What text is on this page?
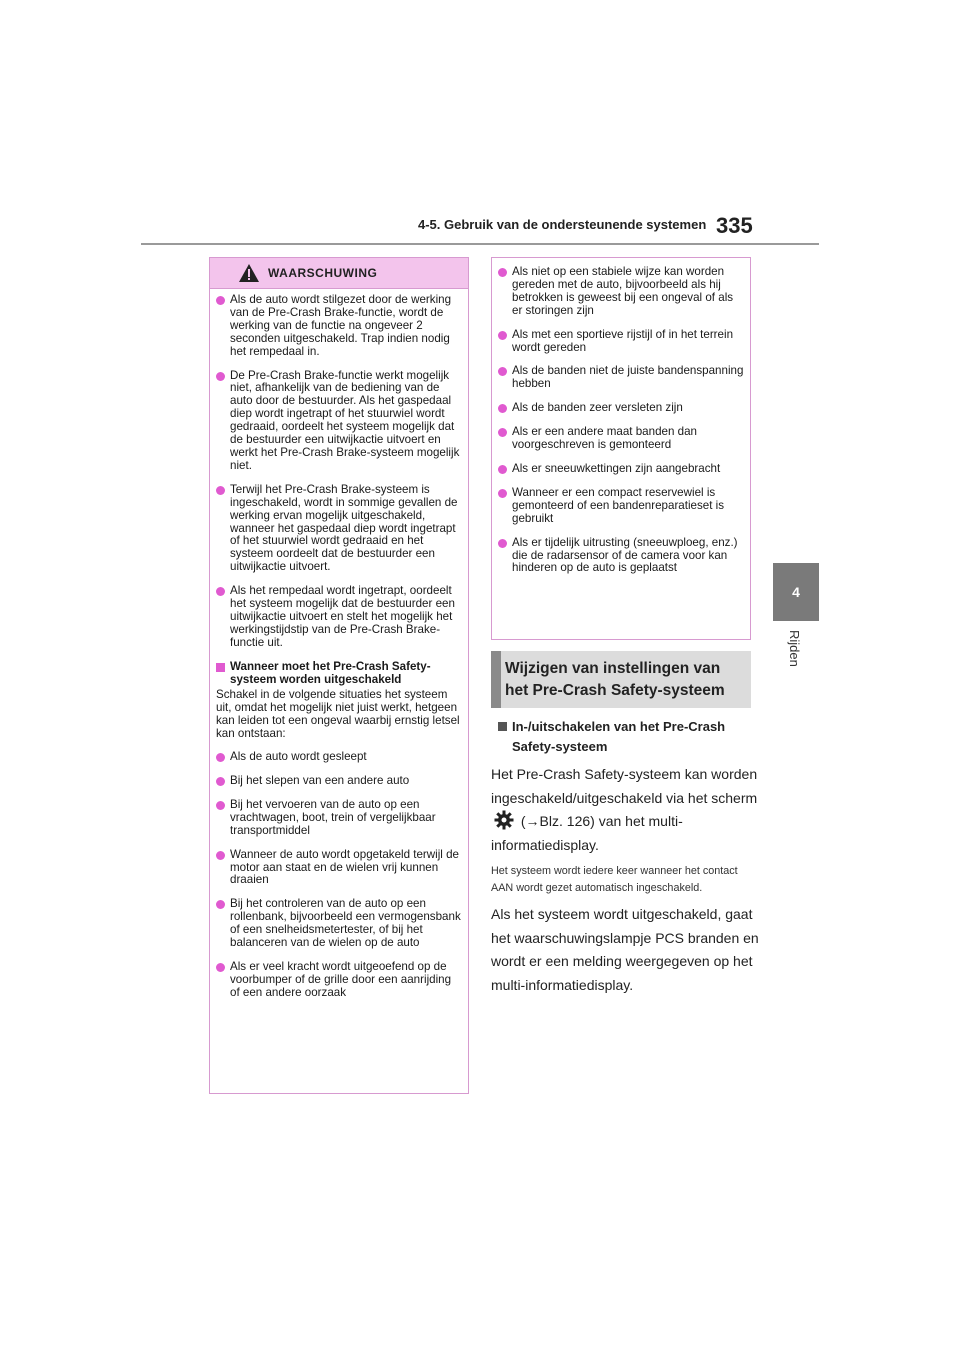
4-5. Gebruik van de ondersteunende systemen 335
4
Rijden
WAARSCHUWING
Als de auto wordt stilgezet door de werking van de Pre-Crash Brake-functie, wordt de werking van de functie na ongeveer 2 seconden uitgeschakeld. Trap indien nodig het rempedaal in.
De Pre-Crash Brake-functie werkt mogelijk niet, afhankelijk van de bediening van de auto door de bestuurder. Als het gaspedaal diep wordt ingetrapt of het stuurwiel wordt gedraaid, oordeelt het systeem mogelijk dat de bestuurder een uitwijkactie uitvoert en werkt het Pre-Crash Brake-systeem mogelijk niet.
Terwijl het Pre-Crash Brake-systeem is ingeschakeld, wordt in sommige gevallen de werking ervan mogelijk uitgeschakeld, wanneer het gaspedaal diep wordt ingetrapt of het stuurwiel wordt gedraaid en het systeem oordeelt dat de bestuurder een uitwijkactie uitvoert.
Als het rempedaal wordt ingetrapt, oordeelt het systeem mogelijk dat de bestuurder een uitwijkactie uitvoert en stelt het mogelijk het werkingstijdstip van de Pre-Crash Brake-functie uit.
Wanneer moet het Pre-Crash Safety-systeem worden uitgeschakeld
Schakel in de volgende situaties het systeem uit, omdat het mogelijk niet juist werkt, hetgeen kan leiden tot een ongeval waarbij ernstig letsel kan ontstaan:
Als de auto wordt gesleept
Bij het slepen van een andere auto
Bij het vervoeren van de auto op een vrachtwagen, boot, trein of vergelijkbaar transportmiddel
Wanneer de auto wordt opgetakeld terwijl de motor aan staat en de wielen vrij kunnen draaien
Bij het controleren van de auto op een rollenbank, bijvoorbeeld een vermogensbank of een snelheidsmetertester, of bij het balanceren van de wielen op de auto
Als er veel kracht wordt uitgeoefend op de voorbumper of de grille door een aanrijding of een andere oorzaak
Als niet op een stabiele wijze kan worden gereden met de auto, bijvoorbeeld als hij betrokken is geweest bij een ongeval of als er storingen zijn
Als met een sportieve rijstijl of in het terrein wordt gereden
Als de banden niet de juiste bandenspanning hebben
Als de banden zeer versleten zijn
Als er een andere maat banden dan voorgeschreven is gemonteerd
Als er sneeuwkettingen zijn aangebracht
Wanneer er een compact reservewiel is gemonteerd of een bandenreparatieset is gebruikt
Als er tijdelijk uitrusting (sneeuwploeg, enz.) die de radarsensor of de camera voor kan hinderen op de auto is geplaatst
Wijzigen van instellingen van het Pre-Crash Safety-systeem
In-/uitschakelen van het Pre-Crash Safety-systeem
Het Pre-Crash Safety-systeem kan worden ingeschakeld/uitgeschakeld via het scherm  (→Blz. 126) van het multi-informatiedisplay.
Het systeem wordt iedere keer wanneer het contact AAN wordt gezet automatisch ingeschakeld.
Als het systeem wordt uitgeschakeld, gaat het waarschuwingslampje PCS branden en wordt er een melding weergegeven op het multi-informatiedisplay.
